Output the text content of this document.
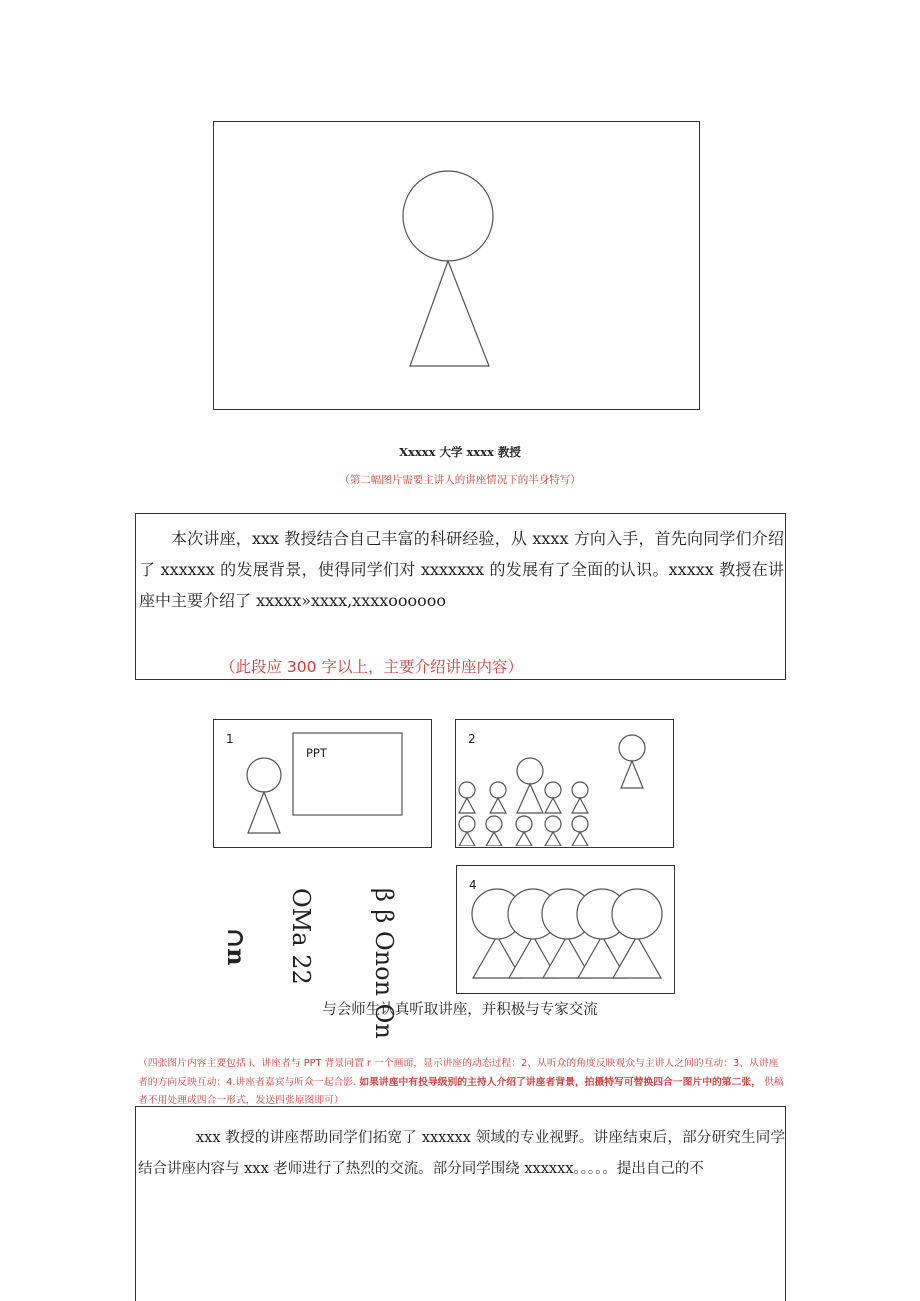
Xxxxx 大学 xxxx 教授
（第二幅图片需要主讲人的讲座情况下的半身特写）

本次讲座，xxx 教授结合自己丰富的科研经验，从 xxxx 方向入手，首先向同学们介绍了 xxxxxx 的发展背景，使得同学们对 xxxxxxx 的发展有了全面的认识。xxxxx 教授在讲座中主要介绍了 xxxxx»xxxx,xxxxoooooo

（此段应 300 字以上，主要介绍讲座内容）
1
PPT
2
β β Onon On
OMa 22
∩n
4
与会师生认真听取讲座，并积极与专家交流
（四张图片内容主要包括 i、讲座者与 PPT 背景同置 r 一个画面，显示讲座的动态过程：2、从听众的角度反映观众与主讲人之间的互动：3、从讲座者的方向反映互动：4.讲座者嘉宾与听众一起合影. 如果讲座中有投导级别的主持人介绍了讲座者背景，拍摄特写可替换四合一图片中的第二张， 供稿者不用处理成四合一形式，发送四张原图即可）

xxx 教授的讲座帮助同学们拓宽了 xxxxxx 领域的专业视野。讲座结束后，部分研究生同学结合讲座内容与 xxx 老师进行了热烈的交流。部分同学围绕 xxxxxx。。。。。提出自己的不
